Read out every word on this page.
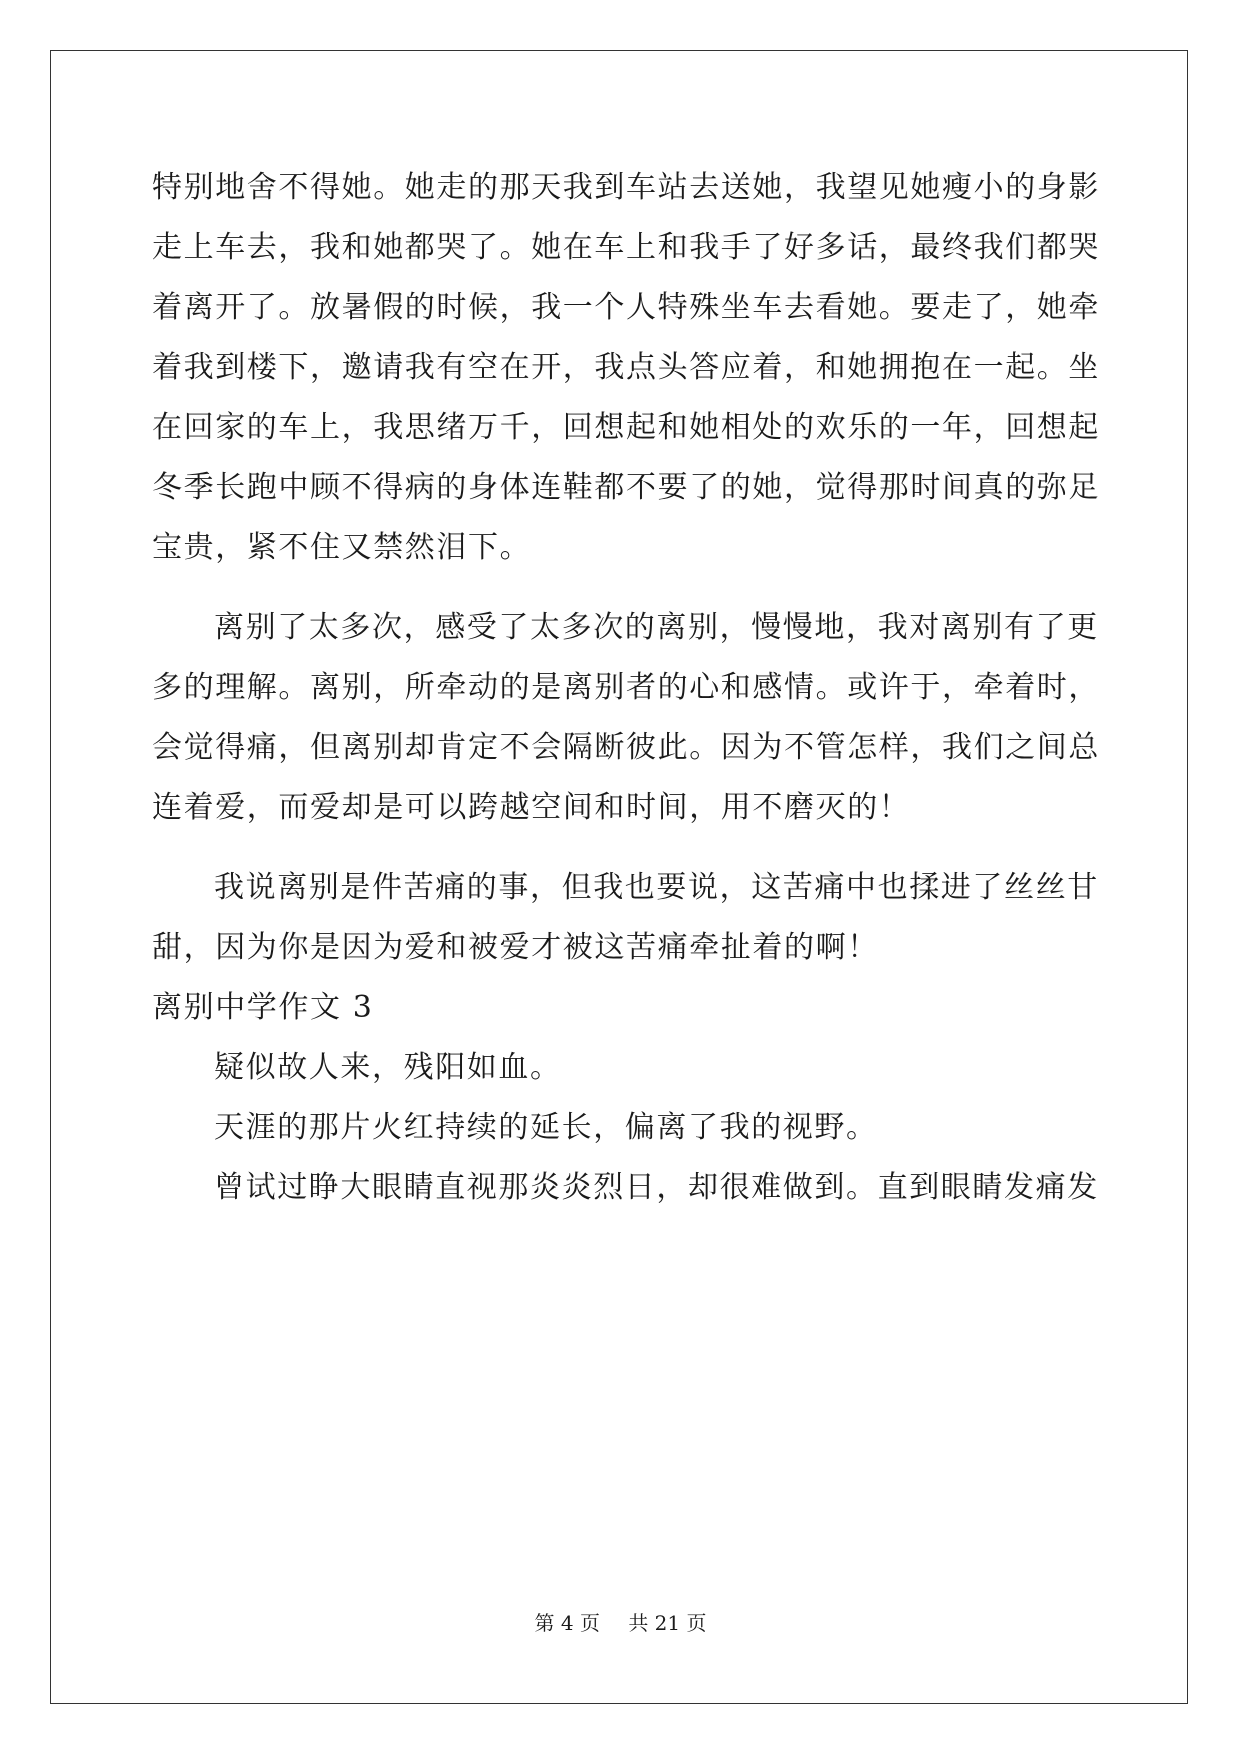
特别地舍不得她。她走的那天我到车站去送她，我望见她瘦小的身影
走上车去，我和她都哭了。她在车上和我手了好多话，最终我们都哭
着离开了。放暑假的时候，我一个人特殊坐车去看她。要走了，她牵
着我到楼下，邀请我有空在开，我点头答应着，和她拥抱在一起。坐
在回家的车上，我思绪万千，回想起和她相处的欢乐的一年，回想起
冬季长跑中顾不得病的身体连鞋都不要了的她，觉得那时间真的弥足
宝贵，紧不住又禁然泪下。
离别了太多次，感受了太多次的离别，慢慢地，我对离别有了更
多的理解。离别，所牵动的是离别者的心和感情。或许于，牵着时，
会觉得痛，但离别却肯定不会隔断彼此。因为不管怎样，我们之间总
连着爱，而爱却是可以跨越空间和时间，用不磨灭的！
我说离别是件苦痛的事，但我也要说，这苦痛中也揉进了丝丝甘
甜，因为你是因为爱和被爱才被这苦痛牵扯着的啊！
离别中学作文 3
疑似故人来，残阳如血。
天涯的那片火红持续的延长，偏离了我的视野。
曾试过睁大眼睛直视那炎炎烈日，却很难做到。直到眼睛发痛发
第 4 页 共 21 页
